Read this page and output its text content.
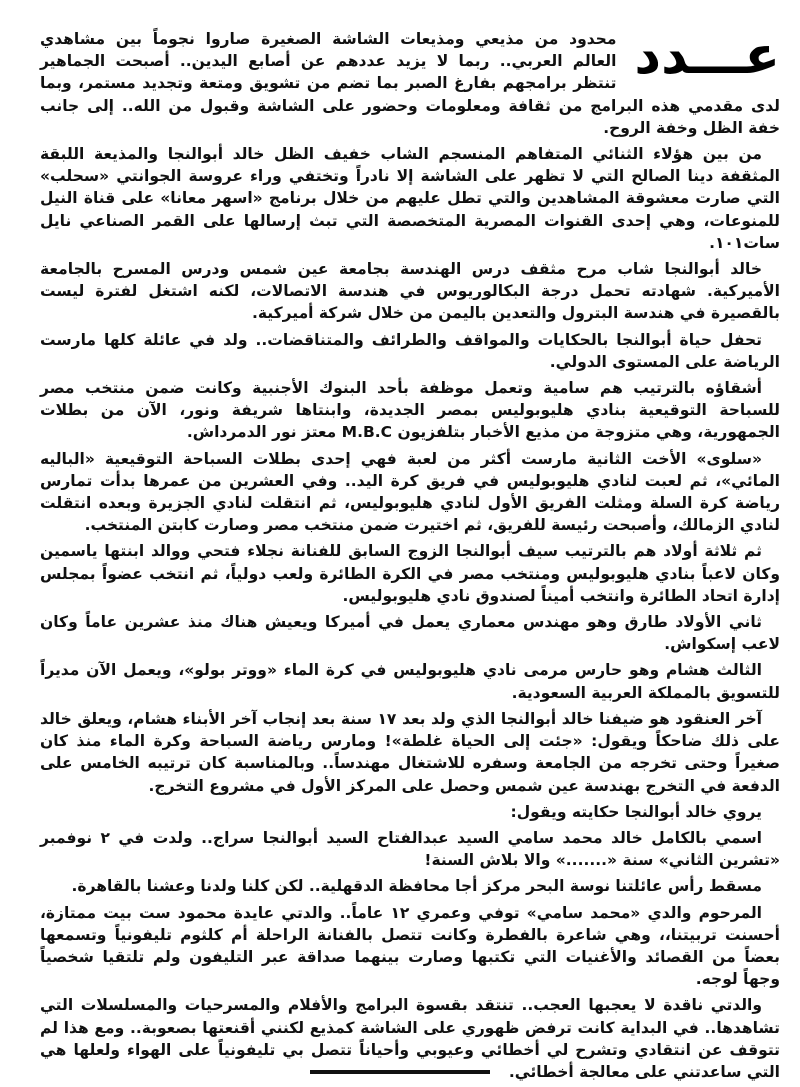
عـــدد

محدود من مذيعي ومذيعات الشاشة الصغيرة صاروا نجوماً بين مشاهدي العالم العربي.. ربما لا يزيد عددهم عن أصابع اليدين.. أصبحت الجماهير تنتظر برامجهم بفارغ الصبر بما تضم من تشويق ومتعة وتجديد مستمر، وبما لدى مقدمي هذه البرامج من ثقافة ومعلومات وحضور على الشاشة وقبول من الله.. إلى جانب خفة الظل وخفة الروح.

من بين هؤلاء الثنائي المتفاهم المنسجم الشاب خفيف الظل خالد أبوالنجا والمذيعة اللبقة المثقفة دينا الصالح التي لا تظهر على الشاشة إلا نادراً وتختفي وراء عروسة الجوانتي «سحلب» التي صارت معشوقة المشاهدين والتي تطل عليهم من خلال برنامج «اسهر معانا» على قناة النيل للمنوعات، وهي إحدى القنوات المصرية المتخصصة التي تبث إرسالها على القمر الصناعي نايل سات١٠١.

خالد أبوالنجا شاب مرح مثقف درس الهندسة بجامعة عين شمس ودرس المسرح بالجامعة الأميركية. شهادته تحمل درجة البكالوريوس في هندسة الاتصالات، لكنه اشتغل لفترة ليست بالقصيرة في هندسة البترول والتعدين باليمن من خلال شركة أميركية.

تحفل حياة أبوالنجا بالحكايات والمواقف والطرائف والمتناقضات.. ولد في عائلة كلها مارست الرياضة على المستوى الدولي.

أشقاؤه بالترتيب هم سامية وتعمل موظفة بأحد البنوك الأجنبية وكانت ضمن منتخب مصر للسباحة التوقيعية بنادي هليوبوليس بمصر الجديدة، وابنتاها شريفة ونور، الآن من بطلات الجمهورية، وهي متزوجة من مذيع الأخبار بتلفزيون M.B.C معتز نور الدمرداش.

«سلوى» الأخت الثانية مارست أكثر من لعبة فهي إحدى بطلات السباحة التوقيعية «الباليه المائي»، ثم لعبت لنادي هليوبوليس في فريق كرة اليد.. وفي العشرين من عمرها بدأت تمارس رياضة كرة السلة ومثلت الفريق الأول لنادي هليوبوليس، ثم انتقلت لنادي الجزيرة وبعده انتقلت لنادي الزمالك، وأصبحت رئيسة للفريق، ثم اختيرت ضمن منتخب مصر وصارت كابتن المنتخب.

ثم ثلاثة أولاد هم بالترتيب سيف أبوالنجا الزوج السابق للفنانة نجلاء فتحي ووالد ابنتها ياسمين وكان لاعباً بنادي هليوبوليس ومنتخب مصر في الكرة الطائرة ولعب دولياً، ثم انتخب عضواً بمجلس إدارة اتحاد الطائرة وانتخب أميناً لصندوق نادي هليوبوليس.

ثاني الأولاد طارق وهو مهندس معماري يعمل في أميركا ويعيش هناك منذ عشرين عاماً وكان لاعب إسكواش.

الثالث هشام وهو حارس مرمى نادي هليوبوليس في كرة الماء «ووتر بولو»، ويعمل الآن مديراً للتسويق بالمملكة العربية السعودية.

آخر العنقود هو ضيفنا خالد أبوالنجا الذي ولد بعد ١٧ سنة بعد إنجاب آخر الأبناء هشام، ويعلق خالد على ذلك ضاحكاً ويقول: «جئت إلى الحياة غلطة»! ومارس رياضة السباحة وكرة الماء منذ كان صغيراً وحتى تخرجه من الجامعة وسفره للاشتغال مهندساً.. وبالمناسبة كان ترتيبه الخامس على الدفعة في التخرج بهندسة عين شمس وحصل على المركز الأول في مشروع التخرج.

يروي خالد أبوالنجا حكايته ويقول:

اسمي بالكامل خالد محمد سامي السيد عبدالفتاح السيد أبوالنجا سراج.. ولدت في ٢ نوفمبر «تشرين الثاني» سنة «.......» والا بلاش السنة!

مسقط رأس عائلتنا نوسة البحر مركز أجا محافظة الدقهلية.. لكن كلنا ولدنا وعشنا بالقاهرة.

المرحوم والدي «محمد سامي» توفي وعمري ١٢ عاماً.. والدتي عايدة محمود ست بيت ممتازة، أحسنت تربيتنا،، وهي شاعرة بالفطرة وكانت تتصل بالفنانة الراحلة أم كلثوم تليفونياً وتسمعها بعضاً من القصائد والأغنيات التي تكتبها وصارت بينهما صداقة عبر التليفون ولم تلتقيا شخصياً وجهاً لوجه.

والدتي ناقدة لا يعجبها العجب.. تنتقد بقسوة البرامج والأفلام والمسرحيات والمسلسلات التي تشاهدها.. في البداية كانت ترفض ظهوري على الشاشة كمذيع لكنني أقنعتها بصعوبة.. ومع هذا لم تتوقف عن انتقادي وتشرح لي أخطائي وعيوبي وأحياناً تتصل بي تليفونياً على الهواء ولعلها هي التي ساعدتني على معالجة أخطائي.
